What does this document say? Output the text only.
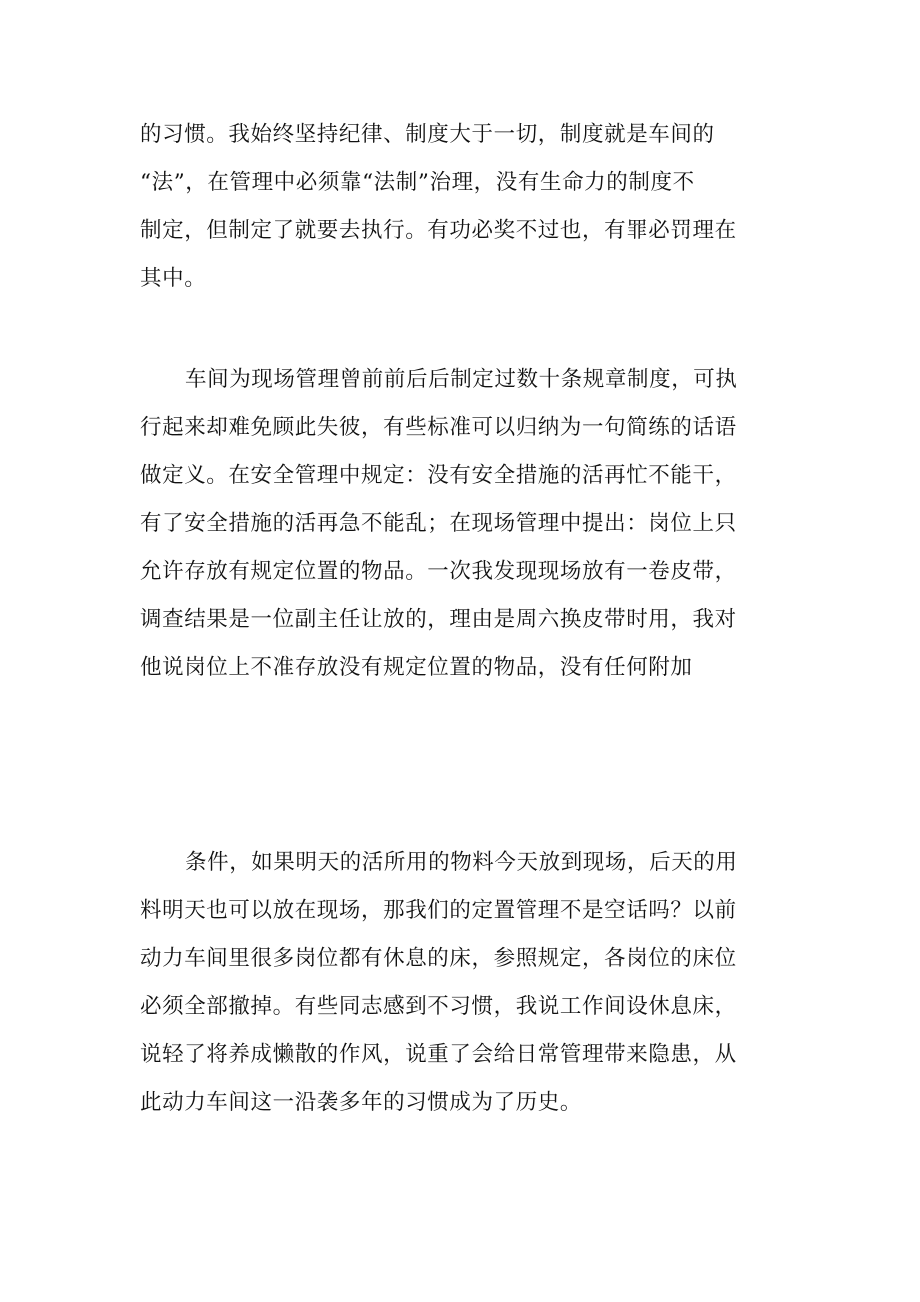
的习惯。我始终坚持纪律、制度大于一切，制度就是车间的
“法”，在管理中必须靠“法制”治理，没有生命力的制度不
制定，但制定了就要去执行。有功必奖不过也，有罪必罚理在
其中。
车间为现场管理曾前前后后制定过数十条规章制度，可执
行起来却难免顾此失彼，有些标准可以归纳为一句简练的话语
做定义。在安全管理中规定：没有安全措施的活再忙不能干，
有了安全措施的活再急不能乱；在现场管理中提出：岗位上只
允许存放有规定位置的物品。一次我发现现场放有一卷皮带，
调查结果是一位副主任让放的，理由是周六换皮带时用，我对
他说岗位上不准存放没有规定位置的物品，没有任何附加
条件，如果明天的活所用的物料今天放到现场，后天的用
料明天也可以放在现场，那我们的定置管理不是空话吗？以前
动力车间里很多岗位都有休息的床，参照规定，各岗位的床位
必须全部撤掉。有些同志感到不习惯，我说工作间设休息床，
说轻了将养成懒散的作风，说重了会给日常管理带来隐患，从
此动力车间这一沿袭多年的习惯成为了历史。
